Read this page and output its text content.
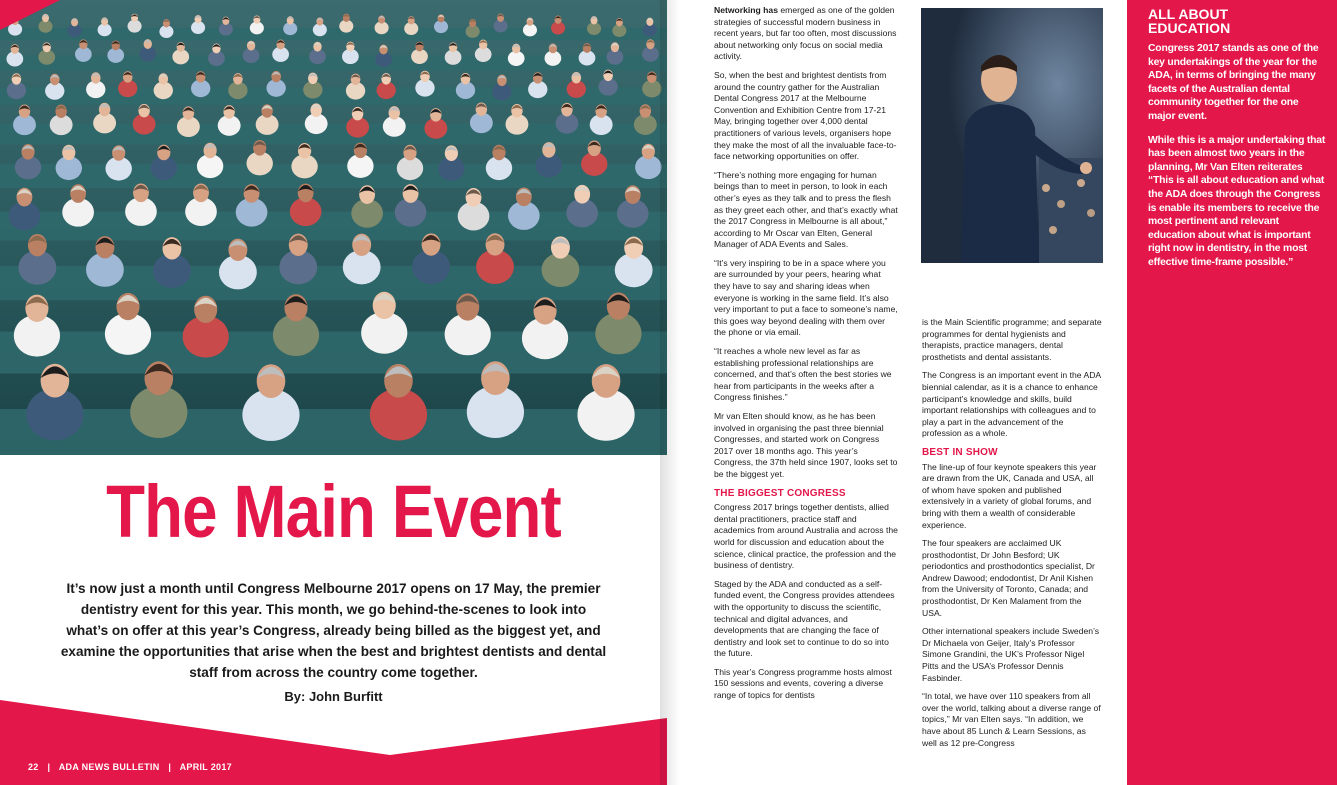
The Main Event
It’s now just a month until Congress Melbourne 2017 opens on 17 May, the premier dentistry event for this year. This month, we go behind-the-scenes to look into what’s on offer at this year’s Congress, already being billed as the biggest yet, and examine the opportunities that arise when the best and brightest dentists and dental staff from across the country come together.
By: John Burfitt
22 | ADA NEWS BULLETIN | APRIL 2017

Networking has emerged as one of the golden strategies of successful modern business in recent years, but far too often, most discussions about networking only focus on social media activity.

So, when the best and brightest dentists from around the country gather for the Australian Dental Congress 2017 at the Melbourne Convention and Exhibition Centre from 17-21 May, bringing together over 4,000 dental practitioners of various levels, organisers hope they make the most of all the invaluable face-to-face networking opportunities on offer.

“There’s nothing more engaging for human beings than to meet in person, to look in each other’s eyes as they talk and to press the flesh as they greet each other, and that’s exactly what the 2017 Congress in Melbourne is all about,” according to Mr Oscar van Elten, General Manager of ADA Events and Sales.

“It’s very inspiring to be in a space where you are surrounded by your peers, hearing what they have to say and sharing ideas when everyone is working in the same field. It’s also very important to put a face to someone’s name, this goes way beyond dealing with them over the phone or via email.

“It reaches a whole new level as far as establishing professional relationships are concerned, and that’s often the best stories we hear from participants in the weeks after a Congress finishes.”

Mr van Elten should know, as he has been involved in organising the past three biennial Congresses, and started work on Congress 2017 over 18 months ago. This year’s Congress, the 37th held since 1907, looks set to be the biggest yet.

THE BIGGEST CONGRESS

Congress 2017 brings together dentists, allied dental practitioners, practice staff and academics from around Australia and across the world for discussion and education about the science, clinical practice, the profession and the business of dentistry.

Staged by the ADA and conducted as a self-funded event, the Congress provides attendees with the opportunity to discuss the scientific, technical and digital advances, and developments that are changing the face of dentistry and look set to continue to do so into the future.

This year’s Congress programme hosts almost 150 sessions and events, covering a diverse range of topics for dentists

is the Main Scientific programme; and separate programmes for dental hygienists and therapists, practice managers, dental prosthetists and dental assistants.

The Congress is an important event in the ADA biennial calendar, as it is a chance to enhance participant’s knowledge and skills, build important relationships with colleagues and to play a part in the advancement of the profession as a whole.

BEST IN SHOW

The line-up of four keynote speakers this year are drawn from the UK, Canada and USA, all of whom have spoken and published extensively in a variety of global forums, and bring with them a wealth of considerable experience.

The four speakers are acclaimed UK prosthodontist, Dr John Besford; UK periodontics and prosthodontics specialist, Dr Andrew Dawood; endodontist, Dr Anil Kishen from the University of Toronto, Canada; and prosthodontist, Dr Ken Malament from the USA.

Other international speakers include Sweden’s Dr Michaela von Geijer, Italy’s Professor Simone Grandini, the UK’s Professor Nigel Pitts and the USA’s Professor Dennis Fasbinder.

“In total, we have over 110 speakers from all over the world, talking about a diverse range of topics,” Mr van Elten says. “In addition, we have about 85 Lunch & Learn Sessions, as well as 12 pre-Congress

ALL ABOUT
EDUCATION

Congress 2017 stands as one of the key undertakings of the year for the ADA, in terms of bringing the many facets of the Australian dental community together for the one major event.

While this is a major undertaking that has been almost two years in the planning, Mr Van Elten reiterates “This is all about education and what the ADA does through the Congress is enable its members to receive the most pertinent and relevant education about what is important right now in dentistry, in the most effective time-frame possible.”
